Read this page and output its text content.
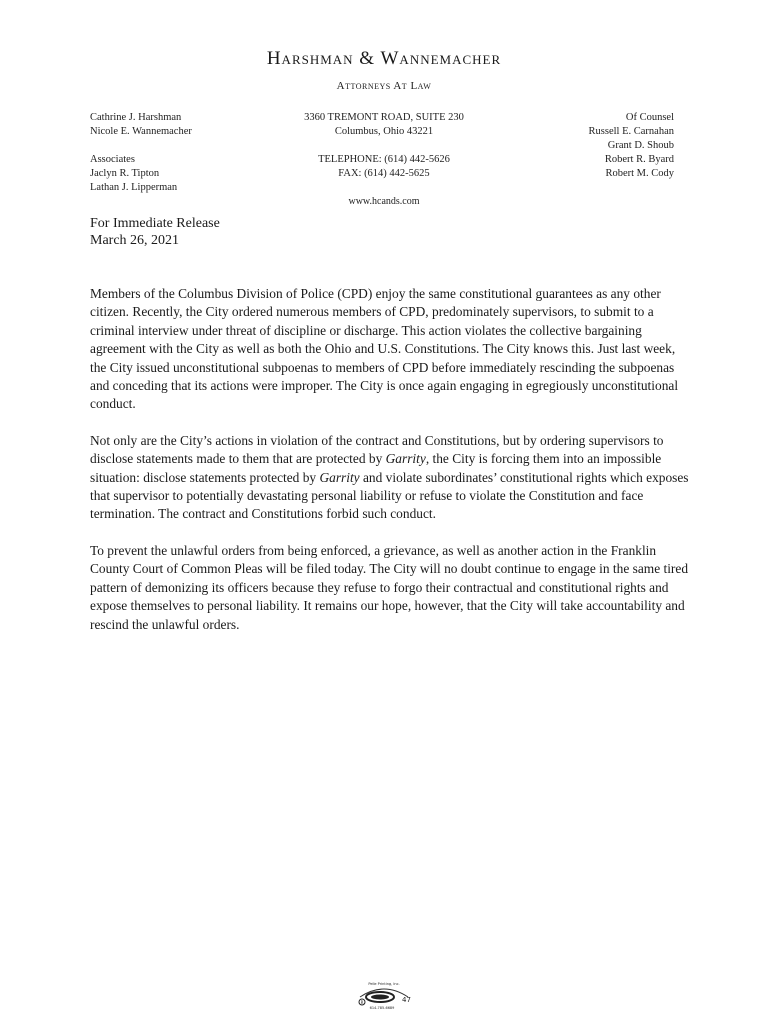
Harshman & Wannemacher
Attorneys At Law
Cathrine J. Harshman
Nicole E. Wannemacher
Associates
Jaclyn R. Tipton
Lathan J. Lipperman
3360 TREMONT ROAD, SUITE 230
Columbus, Ohio 43221
TELEPHONE: (614) 442-5626
FAX: (614) 442-5625
www.hcands.com
Of Counsel
Russell E. Carnahan
Grant D. Shoub
Robert R. Byard
Robert M. Cody
For Immediate Release
March 26, 2021

Members of the Columbus Division of Police (CPD) enjoy the same constitutional guarantees as any other citizen. Recently, the City ordered numerous members of CPD, predominately supervisors, to submit to a criminal interview under threat of discipline or discharge. This action violates the collective bargaining agreement with the City as well as both the Ohio and U.S. Constitutions. The City knows this. Just last week, the City issued unconstitutional subpoenas to members of CPD before immediately rescinding the subpoenas and conceding that its actions were improper. The City is once again engaging in egregiously unconstitutional conduct.

Not only are the City’s actions in violation of the contract and Constitutions, but by ordering supervisors to disclose statements made to them that are protected by Garrity, the City is forcing them into an impossible situation: disclose statements protected by Garrity and violate subordinates’ constitutional rights which exposes that supervisor to potentially devastating personal liability or refuse to violate the Constitution and face termination. The contract and Constitutions forbid such conduct.

To prevent the unlawful orders from being enforced, a grievance, as well as another action in the Franklin County Court of Common Pleas will be filed today. The City will no doubt continue to engage in the same tired pattern of demonizing its officers because they refuse to forgo their contractual and constitutional rights and expose themselves to personal liability. It remains our hope, however, that the City will take accountability and rescind the unlawful orders.

R	47
Pelle Printing, Inc.
614-785-6689
